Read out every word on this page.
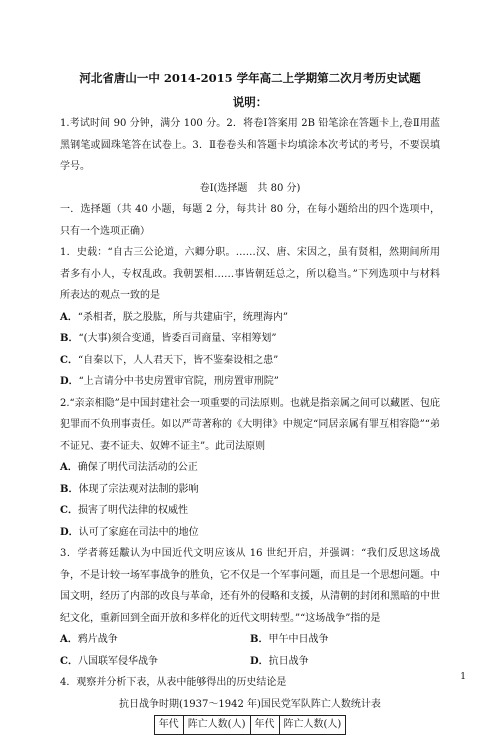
河北省唐山一中 2014-2015 学年高二上学期第二次月考历史试题
说明：

1.考试时间 90 分钟，满分 100 分。2．将卷Ⅰ答案用 2B 铅笔涂在答题卡上,卷Ⅱ用蓝黑钢笔或圆珠笔答在试卷上。3．Ⅱ卷卷头和答题卡均填涂本次考试的考号，不要误填学号。

卷Ⅰ(选择题　共 80 分)

一．选择题（共 40 小题，每题 2 分，每共计 80 分，在每小题给出的四个选项中，只有一个选项正确）

1．史载：“自古三公论道，六卿分职。……汉、唐、宋因之，虽有贤相，然期间所用者多有小人，专权乱政。我朝罢相……事皆朝廷总之，所以稳当。”下列选项中与材料所表达的观点一致的是

A．“杀相者，朕之股肱，所与共建庙宇，统理海内”
B．“(大事)须合变通，皆委百司商量、宰相筹划”
C．“自秦以下，人人君天下，皆不鉴秦设相之患”
D．“上言请分中书史房置审官院，刑房置审刑院”

2.“亲亲相隐”是中国封建社会一项重要的司法原则。也就是指亲属之间可以藏匿、包庇犯罪而不负刑事责任。如以严苛著称的《大明律》中规定“同居亲属有罪互相容隐”“弟不证兄、妻不证夫、奴婢不证主”。此司法原则

A．确保了明代司法活动的公正
B．体现了宗法观对法制的影响
C．损害了明代法律的权威性
D．认可了家庭在司法中的地位

3．学者蒋廷黻认为中国近代文明应该从 16 世纪开启，并强调：“我们反思这场战争，不是计较一场军事战争的胜负，它不仅是一个军事问题，而且是一个思想问题。中国文明，经历了内部的改良与革命，还有外的侵略和支援，从清朝的封闭和黑暗的中世纪文化，重新回到全面开放和多样化的近代文明转型。”“这场战争”指的是

A．鸦片战争	B．甲午中日战争
C．八国联军侵华战争	D．抗日战争

4．观察并分析下表，从表中能够得出的历史结论是

抗日战争时期(1937～1942 年)国民党军队阵亡人数统计表

年代	阵亡人数(人)	年代	阵亡人数(人)
1
